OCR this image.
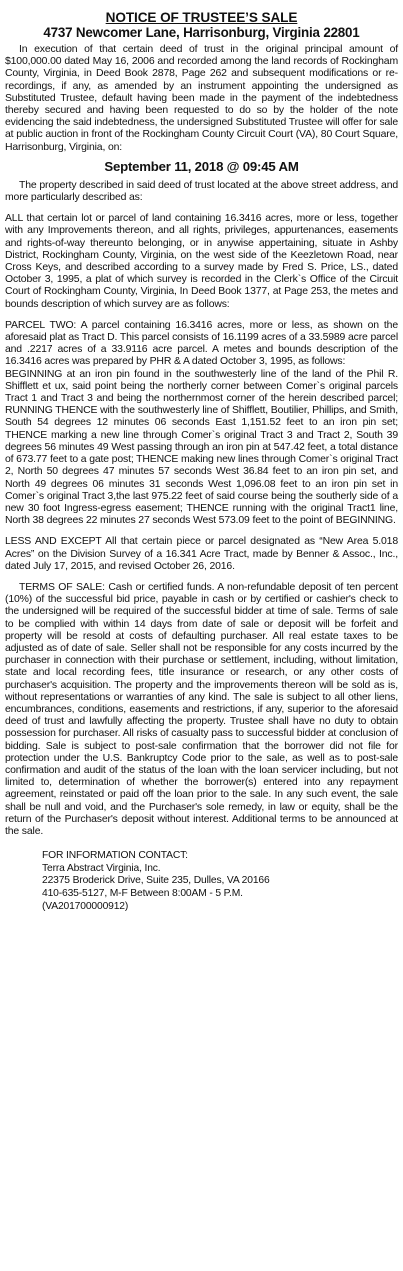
NOTICE OF TRUSTEE’S SALE
4737 Newcomer Lane, Harrisonburg, Virginia 22801

In execution of that certain deed of trust in the original principal amount of $100,000.00 dated May 16, 2006 and recorded among the land records of Rockingham County, Virginia, in Deed Book 2878, Page 262 and subsequent modifications or re-recordings, if any, as amended by an instrument appointing the undersigned as Substituted Trustee, default having been made in the payment of the indebtedness thereby secured and having been requested to do so by the holder of the note evidencing the said indebtedness, the undersigned Substituted Trustee will offer for sale at public auction in front of the Rockingham County Circuit Court (VA), 80 Court Square, Harrisonburg, Virginia, on:

September 11, 2018 @ 09:45 AM

The property described in said deed of trust located at the above street address, and more particularly described as:

ALL that certain lot or parcel of land containing 16.3416 acres, more or less, together with any Improvements thereon, and all rights, privileges, appurtenances, easements and rights-of-way thereunto belonging, or in anywise appertaining, situate in Ashby District, Rockingham County, Virginia, on the west side of the Keezletown Road, near Cross Keys, and described according to a survey made by Fred S. Price, LS., dated October 3, 1995, a plat of which survey is recorded in the Clerk`s Office of the Circuit Court of Rockingham County, Virginia, In Deed Book 1377, at Page 253, the metes and bounds description of which survey are as follows:

PARCEL TWO: A parcel containing 16.3416 acres, more or less, as shown on the aforesaid plat as Tract D. This parcel consists of 16.1199 acres of a 33.5989 acre parcel and .2217 acres of a 33.9116 acre parcel. A metes and bounds description of the 16.3416 acres was prepared by PHR & A dated October 3, 1995, as follows:

BEGINNING at an iron pin found in the southwesterly line of the land of the Phil R. Shifflett et ux, said point being the northerly corner between Comer`s original parcels Tract 1 and Tract 3 and being the northernmost corner of the herein described parcel; RUNNING THENCE with the southwesterly line of Shifflett, Boutilier, Phillips, and Smith, South 54 degrees 12 minutes 06 seconds East 1,151.52 feet to an iron pin set; THENCE marking a new line through Comer`s original Tract 3 and Tract 2, South 39 degrees 56 minutes 49 West passing through an iron pin at 547.42 feet, a total distance of 673.77 feet to a gate post; THENCE making new lines through Comer`s original Tract 2, North 50 degrees 47 minutes 57 seconds West 36.84 feet to an iron pin set, and North 49 degrees 06 minutes 31 seconds West 1,096.08 feet to an iron pin set in Comer`s original Tract 3,the last 975.22 feet of said course being the southerly side of a new 30 foot Ingress-egress easement; THENCE running with the original Tract1 line, North 38 degrees 22 minutes 27 seconds West 573.09 feet to the point of BEGINNING.

LESS AND EXCEPT All that certain piece or parcel designated as “New Area 5.018 Acres” on the Division Survey of a 16.341 Acre Tract, made by Benner & Assoc., Inc., dated July 17, 2015, and revised October 26, 2016.

TERMS OF SALE: Cash or certified funds. A non-refundable deposit of ten percent (10%) of the successful bid price, payable in cash or by certified or cashier's check to the undersigned will be required of the successful bidder at time of sale. Terms of sale to be complied with within 14 days from date of sale or deposit will be forfeit and property will be resold at costs of defaulting purchaser. All real estate taxes to be adjusted as of date of sale. Seller shall not be responsible for any costs incurred by the purchaser in connection with their purchase or settlement, including, without limitation, state and local recording fees, title insurance or research, or any other costs of purchaser's acquisition. The property and the improvements thereon will be sold as is, without representations or warranties of any kind. The sale is subject to all other liens, encumbrances, conditions, easements and restrictions, if any, superior to the aforesaid deed of trust and lawfully affecting the property. Trustee shall have no duty to obtain possession for purchaser. All risks of casualty pass to successful bidder at conclusion of bidding. Sale is subject to post-sale confirmation that the borrower did not file for protection under the U.S. Bankruptcy Code prior to the sale, as well as to post-sale confirmation and audit of the status of the loan with the loan servicer including, but not limited to, determination of whether the borrower(s) entered into any repayment agreement, reinstated or paid off the loan prior to the sale. In any such event, the sale shall be null and void, and the Purchaser's sole remedy, in law or equity, shall be the return of the Purchaser's deposit without interest. Additional terms to be announced at the sale.

FOR INFORMATION CONTACT:
Terra Abstract Virginia, Inc.
22375 Broderick Drive, Suite 235, Dulles, VA 20166
410-635-5127, M-F Between 8:00AM - 5 P.M.
(VA201700000912)
